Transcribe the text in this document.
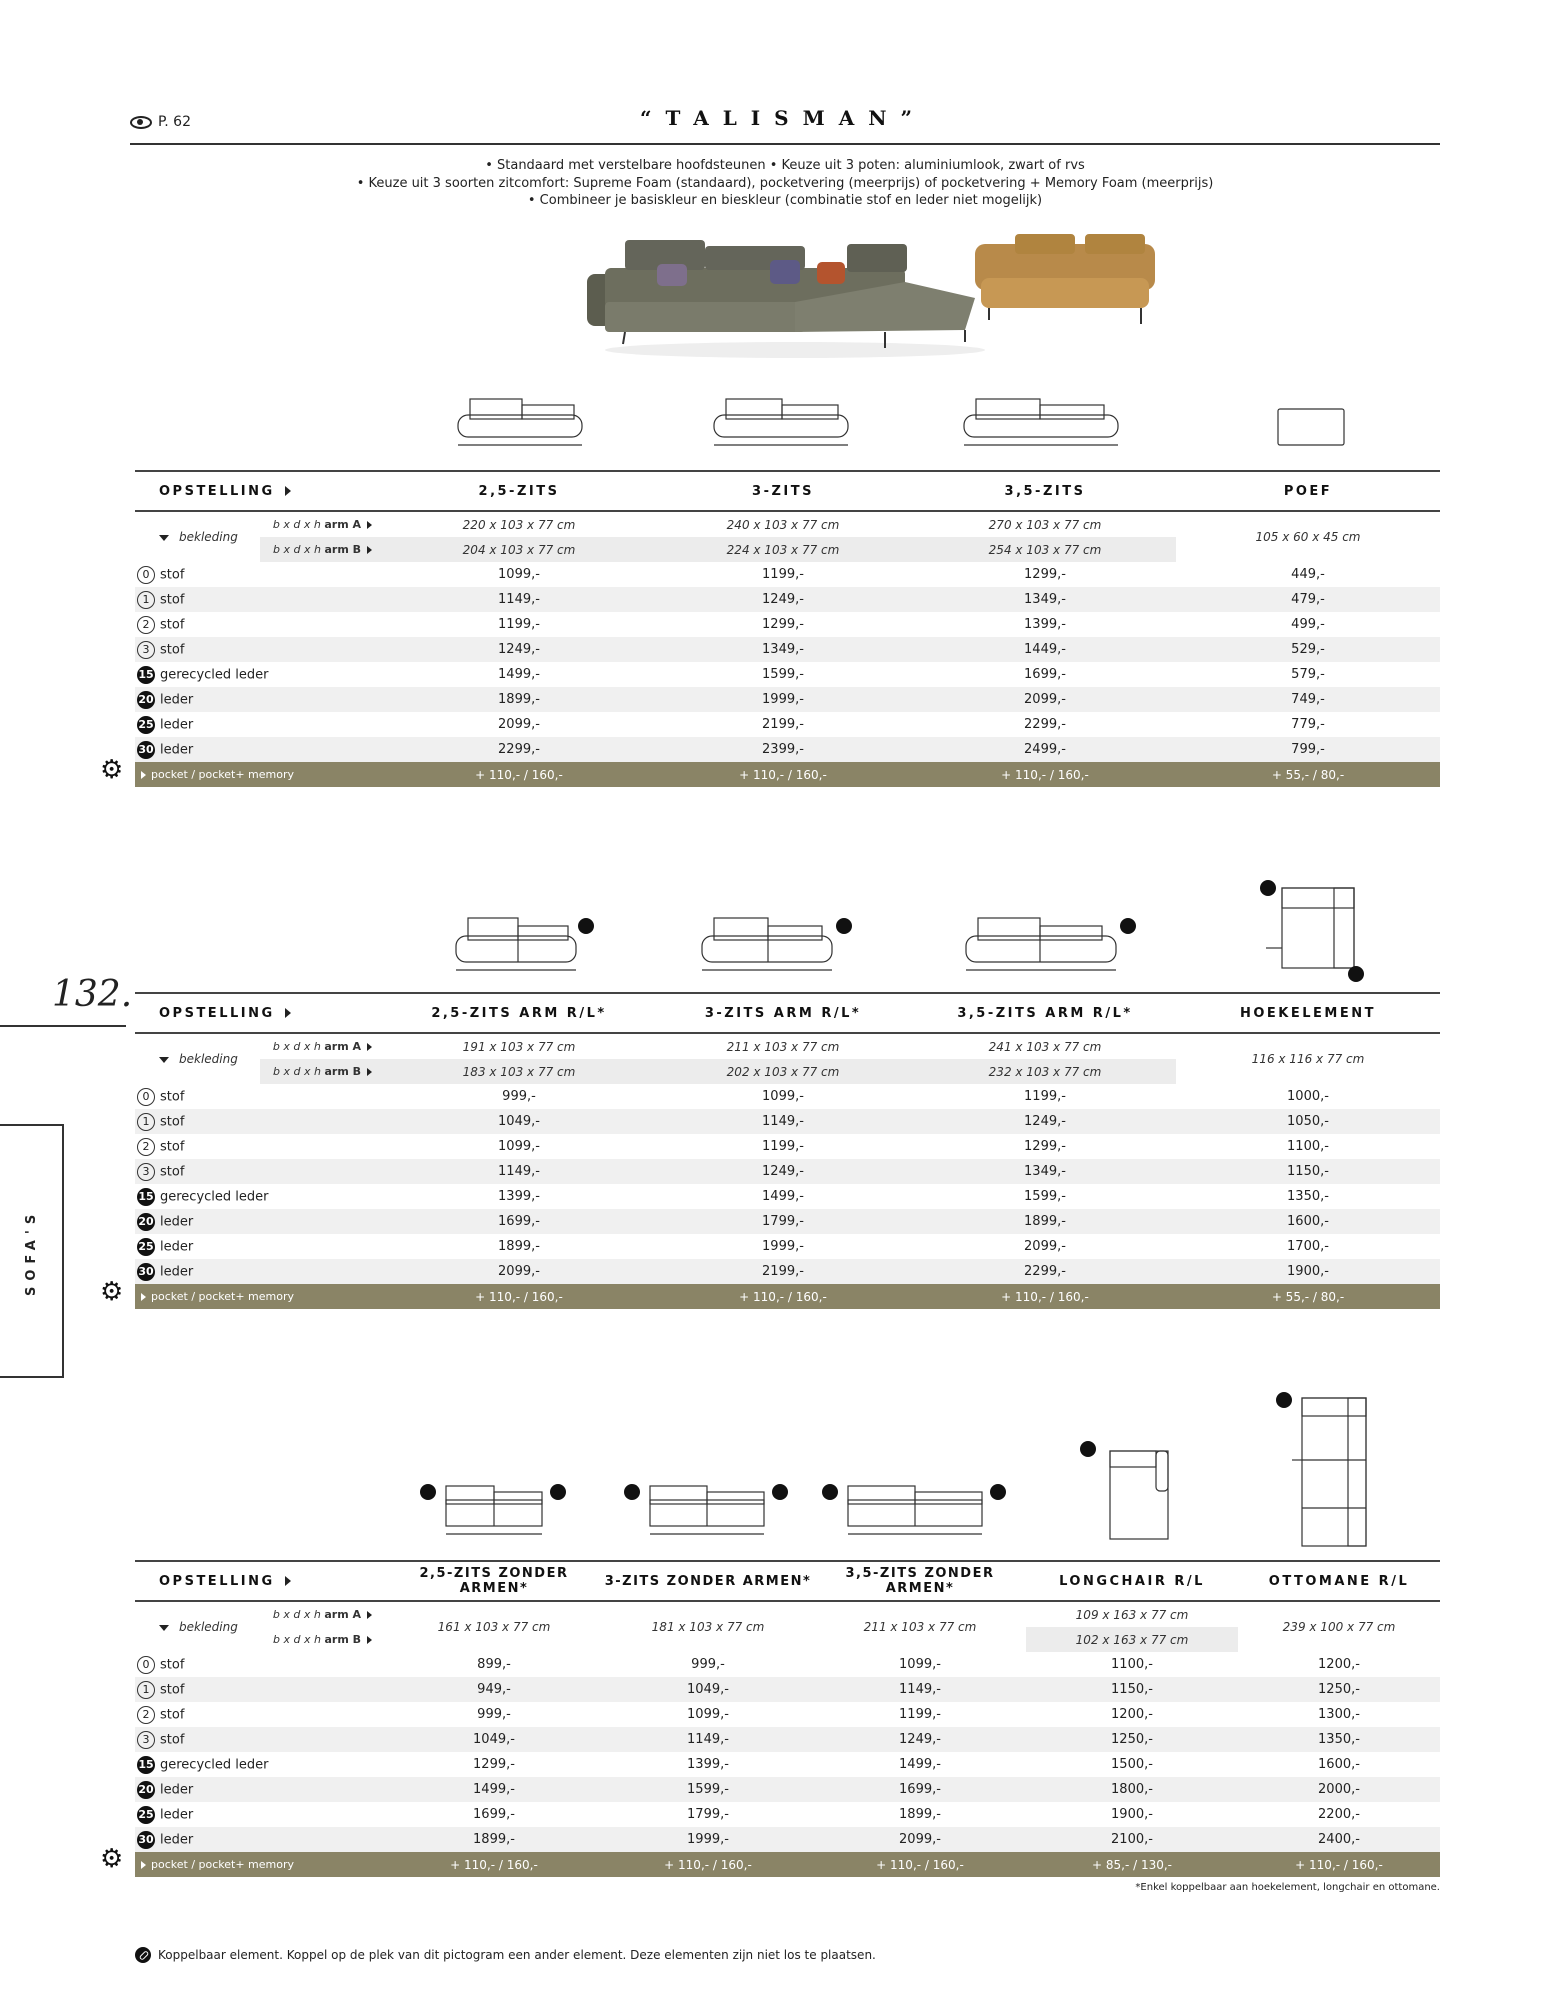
P. 62	“TALISMAN”
• Standaard met verstelbare hoofdsteunen • Keuze uit 3 poten: aluminiumlook, zwart of rvs
• Keuze uit 3 soorten zitcomfort: Supreme Foam (standaard), pocketvering (meerprijs) of pocketvering + Memory Foam (meerprijs)
• Combineer je basiskleur en bieskleur (combinatie stof en leder niet mogelijk)
132.
SOFA'S
OPSTELLING		2,5-ZITS	3-ZITS	3,5-ZITS	POEF
bekleding	b x d x h arm A	220 x 103 x 77 cm	240 x 103 x 77 cm	270 x 103 x 77 cm	105 x 60 x 45 cm
	b x d x h arm B	204 x 103 x 77 cm	224 x 103 x 77 cm	254 x 103 x 77 cm	
0 stof		1099,-	1199,-	1299,-	449,-
1 stof		1149,-	1249,-	1349,-	479,-
2 stof		1199,-	1299,-	1399,-	499,-
3 stof		1249,-	1349,-	1449,-	529,-
15 gerecycled leder		1499,-	1599,-	1699,-	579,-
20 leder		1899,-	1999,-	2099,-	749,-
25 leder		2099,-	2199,-	2299,-	779,-
30 leder		2299,-	2399,-	2499,-	799,-
pocket / pocket+ memory		+ 110,- / 160,-	+ 110,- / 160,-	+ 110,- / 160,-	+ 55,- / 80,-
⚙
OPSTELLING		2,5-ZITS ARM R/L*	3-ZITS ARM R/L*	3,5-ZITS ARM R/L*	HOEKELEMENT
bekleding	b x d x h arm A	191 x 103 x 77 cm	211 x 103 x 77 cm	241 x 103 x 77 cm	116 x 116 x 77 cm
	b x d x h arm B	183 x 103 x 77 cm	202 x 103 x 77 cm	232 x 103 x 77 cm	
0 stof		999,-	1099,-	1199,-	1000,-
1 stof		1049,-	1149,-	1249,-	1050,-
2 stof		1099,-	1199,-	1299,-	1100,-
3 stof		1149,-	1249,-	1349,-	1150,-
15 gerecycled leder		1399,-	1499,-	1599,-	1350,-
20 leder		1699,-	1799,-	1899,-	1600,-
25 leder		1899,-	1999,-	2099,-	1700,-
30 leder		2099,-	2199,-	2299,-	1900,-
pocket / pocket+ memory		+ 110,- / 160,-	+ 110,- / 160,-	+ 110,- / 160,-	+ 55,- / 80,-
⚙
OPSTELLING		2,5-ZITS ZONDER ARMEN*	3-ZITS ZONDER ARMEN*	3,5-ZITS ZONDER ARMEN*	LONGCHAIR R/L	OTTOMANE R/L
bekleding	b x d x h arm A	161 x 103 x 77 cm	181 x 103 x 77 cm	211 x 103 x 77 cm	109 x 163 x 77 cm	239 x 100 x 77 cm
	b x d x h arm B				102 x 163 x 77 cm	
0 stof		899,-	999,-	1099,-	1100,-	1200,-
1 stof		949,-	1049,-	1149,-	1150,-	1250,-
2 stof		999,-	1099,-	1199,-	1200,-	1300,-
3 stof		1049,-	1149,-	1249,-	1250,-	1350,-
15 gerecycled leder		1299,-	1399,-	1499,-	1500,-	1600,-
20 leder		1499,-	1599,-	1699,-	1800,-	2000,-
25 leder		1699,-	1799,-	1899,-	1900,-	2200,-
30 leder		1899,-	1999,-	2099,-	2100,-	2400,-
pocket / pocket+ memory		+ 110,- / 160,-	+ 110,- / 160,-	+ 110,- / 160,-	+ 85,- / 130,-	+ 110,- / 160,-
⚙
*Enkel koppelbaar aan hoekelement, longchair en ottomane.
Koppelbaar element. Koppel op de plek van dit pictogram een ander element. Deze elementen zijn niet los te plaatsen.
